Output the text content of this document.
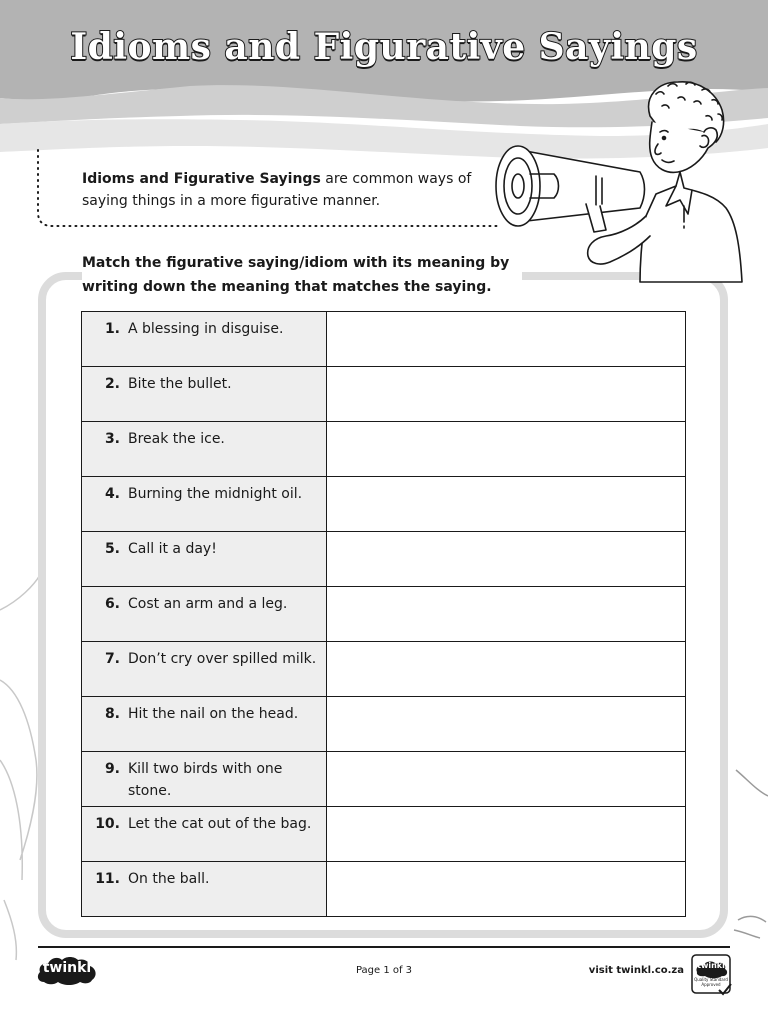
Idioms and Figurative Sayings

Idioms and Figurative Sayings are common ways of saying things in a more figurative manner.

Match the figurative saying/idiom with its meaning by writing down the meaning that matches the saying.

1. A blessing in disguise.	

2. Bite the bullet.	

3. Break the ice.	

4. Burning the midnight oil.	

5. Call it a day!	

6. Cost an arm and a leg.	

7. Don’t cry over spilled milk.	

8. Hit the nail on the head.	

9. Kill two birds with one stone.	

10. Let the cat out of the bag.	

11. On the ball.	

twinkl	Page 1 of 3	visit twinkl.co.za	twinkl
Quality Standard Approved
